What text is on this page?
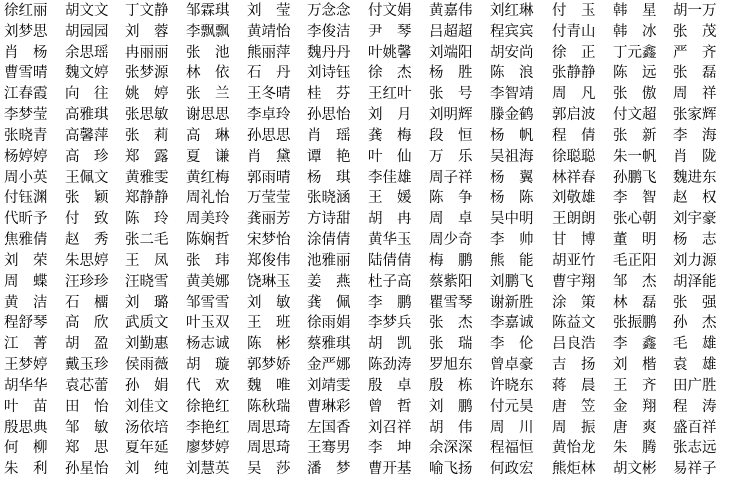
徐红丽	胡文文	丁文静	邹霖琪	刘莹 万念念	付文娟	黄嘉伟	刘红琳	付玉 韩星 胡一万
刘梦思	胡园园	刘蓉 李飘飘	黄靖怡	李俊洁	尹琴 吕超超	程宾宾	付青山	韩冰 张茂
肖杨 余思瑶	冉丽丽	张池 熊丽萍	魏丹丹	叶姚馨	刘端阳	胡安尚	徐正 丁元鑫	严齐
曹雪晴	魏文婷	张梦源	林依 石丹 刘诗钰	徐杰 杨胜 陈浪 张静静	陈远 张磊
江春霞	向往 姚婷 张兰 王冬晴	桂芬 王红叶	张号 李智靖	周凡 张傲 周祥
李梦莹	高雅琪	张思敏	谢思思	李卓玲	孙思怡	刘月 刘明辉	滕金鹤	郭启波	付文超	张家辉
张晓青	高馨萍	张莉 高琳 孙思思	肖瑶 龚梅 段恒 杨帆 程倩 张新 李海
杨婷婷	高珍 郑露 夏谦 肖黛 谭艳 叶仙 万乐 吴祖海	徐聪聪	朱一帆	肖陇
周小英	王佩文	黄雅雯	黄红梅	郭雨晴	杨琪 李佳雄	周子祥	杨翼 林祥春	孙鹏飞	魏进东
付钰渊	张颖 郑静静	周礼怡	万莹莹	张晓涵	王媛 陈争 杨陈 刘敬雄	李智 赵权
代昕予	付致 陈玲 周美玲	龚丽芳	方诗甜	胡冉 周卓 吴中明	王朗朗	张心朝	刘宇豪
焦雅倩	赵秀 张二毛	陈娴哲	宋梦怡	涂倩倩	黄华玉	周少奇	李帅 甘博 董明 杨志
刘荣 朱思婷	王凤 张玮 郑俊伟	池雅丽	陆倩倩	梅鹏 熊能 胡亚竹	毛正阳	刘力源
周蝶 汪珍珍	汪晓雪	黄美娜	饶琳玉	姜燕 杜子高	蔡紫阳	刘鹏飞	曹宇翔	邹杰 胡泽能
黄洁 石橊 刘璐 邹雪雪	刘敏 龚佩 李鹏 瞿雪琴	谢新胜	涂策 林磊 张强
程舒琴	高欣 武质文	叶玉双	王班 徐雨娟	李梦兵	张杰 李嘉诚	陈益文	张振鹏	孙杰
江菁 胡盈 刘勤惠	杨志诚	陈彬 蔡雅琪	胡凯 张瑞 李伦 吕良浩	李鑫 毛雄
王梦婷	戴玉珍	侯雨薇	胡璇 郭梦娇	金严娜	陈劲涛	罗旭东	曾卓豪	吉扬 刘楷 袁雄
胡华华	袁芯蕾	孙娟 代欢 魏唯 刘靖雯	殷卓 殷栋 许晓东	蒋晨 王齐 田广胜
叶苗 田怡 刘佳文	徐艳红	陈秋瑞	曹琳彩	曾哲 刘鹏 付元昊	唐笠 金翔 程涛
殷思典	邹敏 汤依培	李艳红	周思琦	左国香	刘召祥	胡伟 周川 周振 唐爽 盛百祥
何柳 郑思 夏年延	廖梦婷	周思琦	王骞男	李坤 余深深	程福恒	黄怡龙	朱腾 张志远
朱利 孙星怡	刘纯 刘慧英	吴莎 潘梦 曹开基	喻飞扬	何政宏	熊炬林	胡文彬	易祥子
